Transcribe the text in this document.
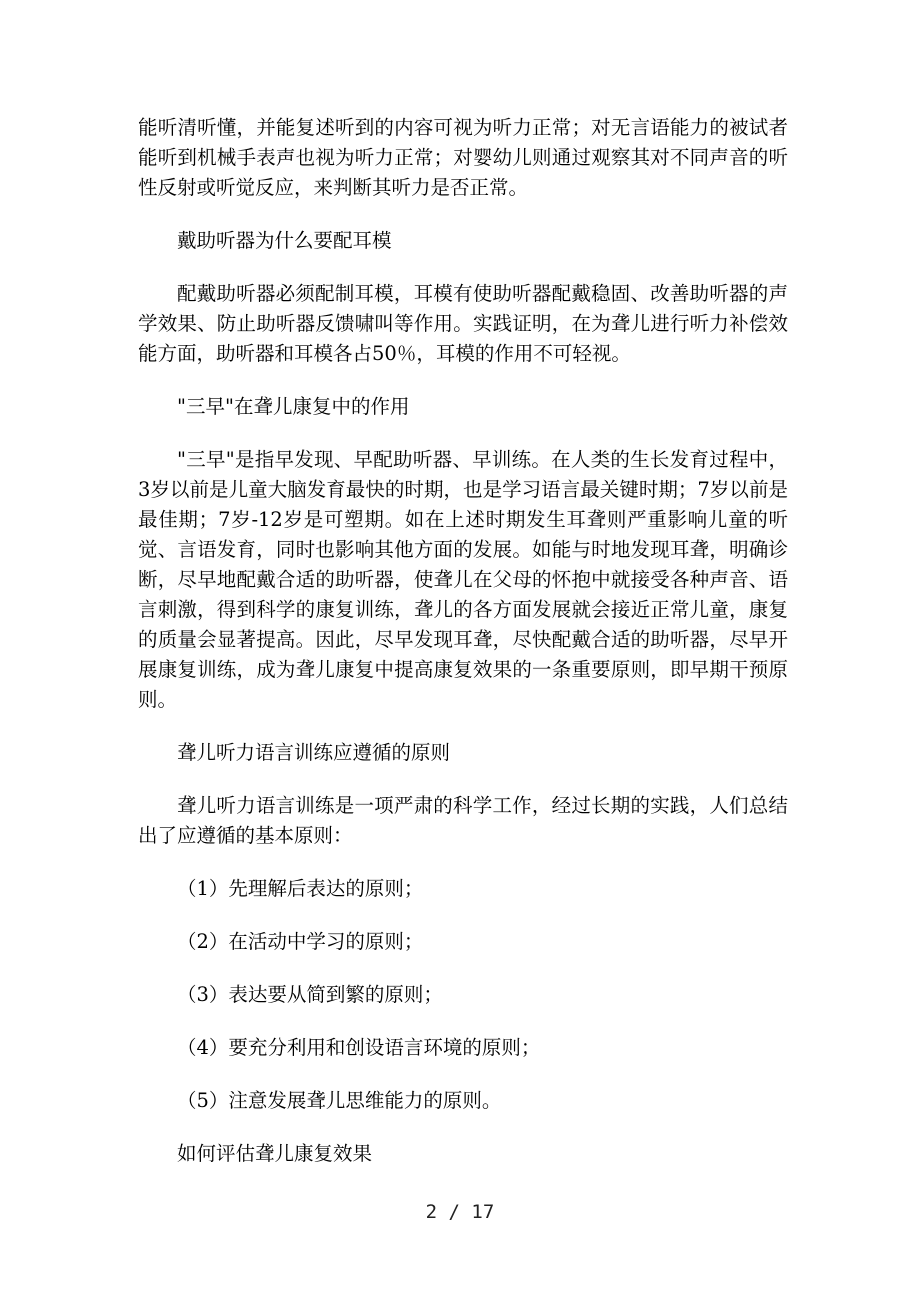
能听清听懂，并能复述听到的内容可视为听力正常；对无言语能力的被试者能听到机械手表声也视为听力正常；对婴幼儿则通过观察其对不同声音的听性反射或听觉反应，来判断其听力是否正常。

戴助听器为什么要配耳模

配戴助听器必须配制耳模，耳模有使助听器配戴稳固、改善助听器的声学效果、防止助听器反馈啸叫等作用。实践证明，在为聋儿进行听力补偿效能方面，助听器和耳模各占50％，耳模的作用不可轻视。

"三早"在聋儿康复中的作用

"三早"是指早发现、早配助听器、早训练。在人类的生长发育过程中，3岁以前是儿童大脑发育最快的时期，也是学习语言最关键时期；7岁以前是最佳期；7岁-12岁是可塑期。如在上述时期发生耳聋则严重影响儿童的听觉、言语发育，同时也影响其他方面的发展。如能与时地发现耳聋，明确诊断，尽早地配戴合适的助听器，使聋儿在父母的怀抱中就接受各种声音、语言刺激，得到科学的康复训练，聋儿的各方面发展就会接近正常儿童，康复的质量会显著提高。因此，尽早发现耳聋，尽快配戴合适的助听器，尽早开展康复训练，成为聋儿康复中提高康复效果的一条重要原则，即早期干预原则。

聋儿听力语言训练应遵循的原则

聋儿听力语言训练是一项严肃的科学工作，经过长期的实践，人们总结出了应遵循的基本原则：

（1）先理解后表达的原则；

（2）在活动中学习的原则；

（3）表达要从简到繁的原则；

（4）要充分利用和创设语言环境的原则；

（5）注意发展聋儿思维能力的原则。

如何评估聋儿康复效果

2 / 17
